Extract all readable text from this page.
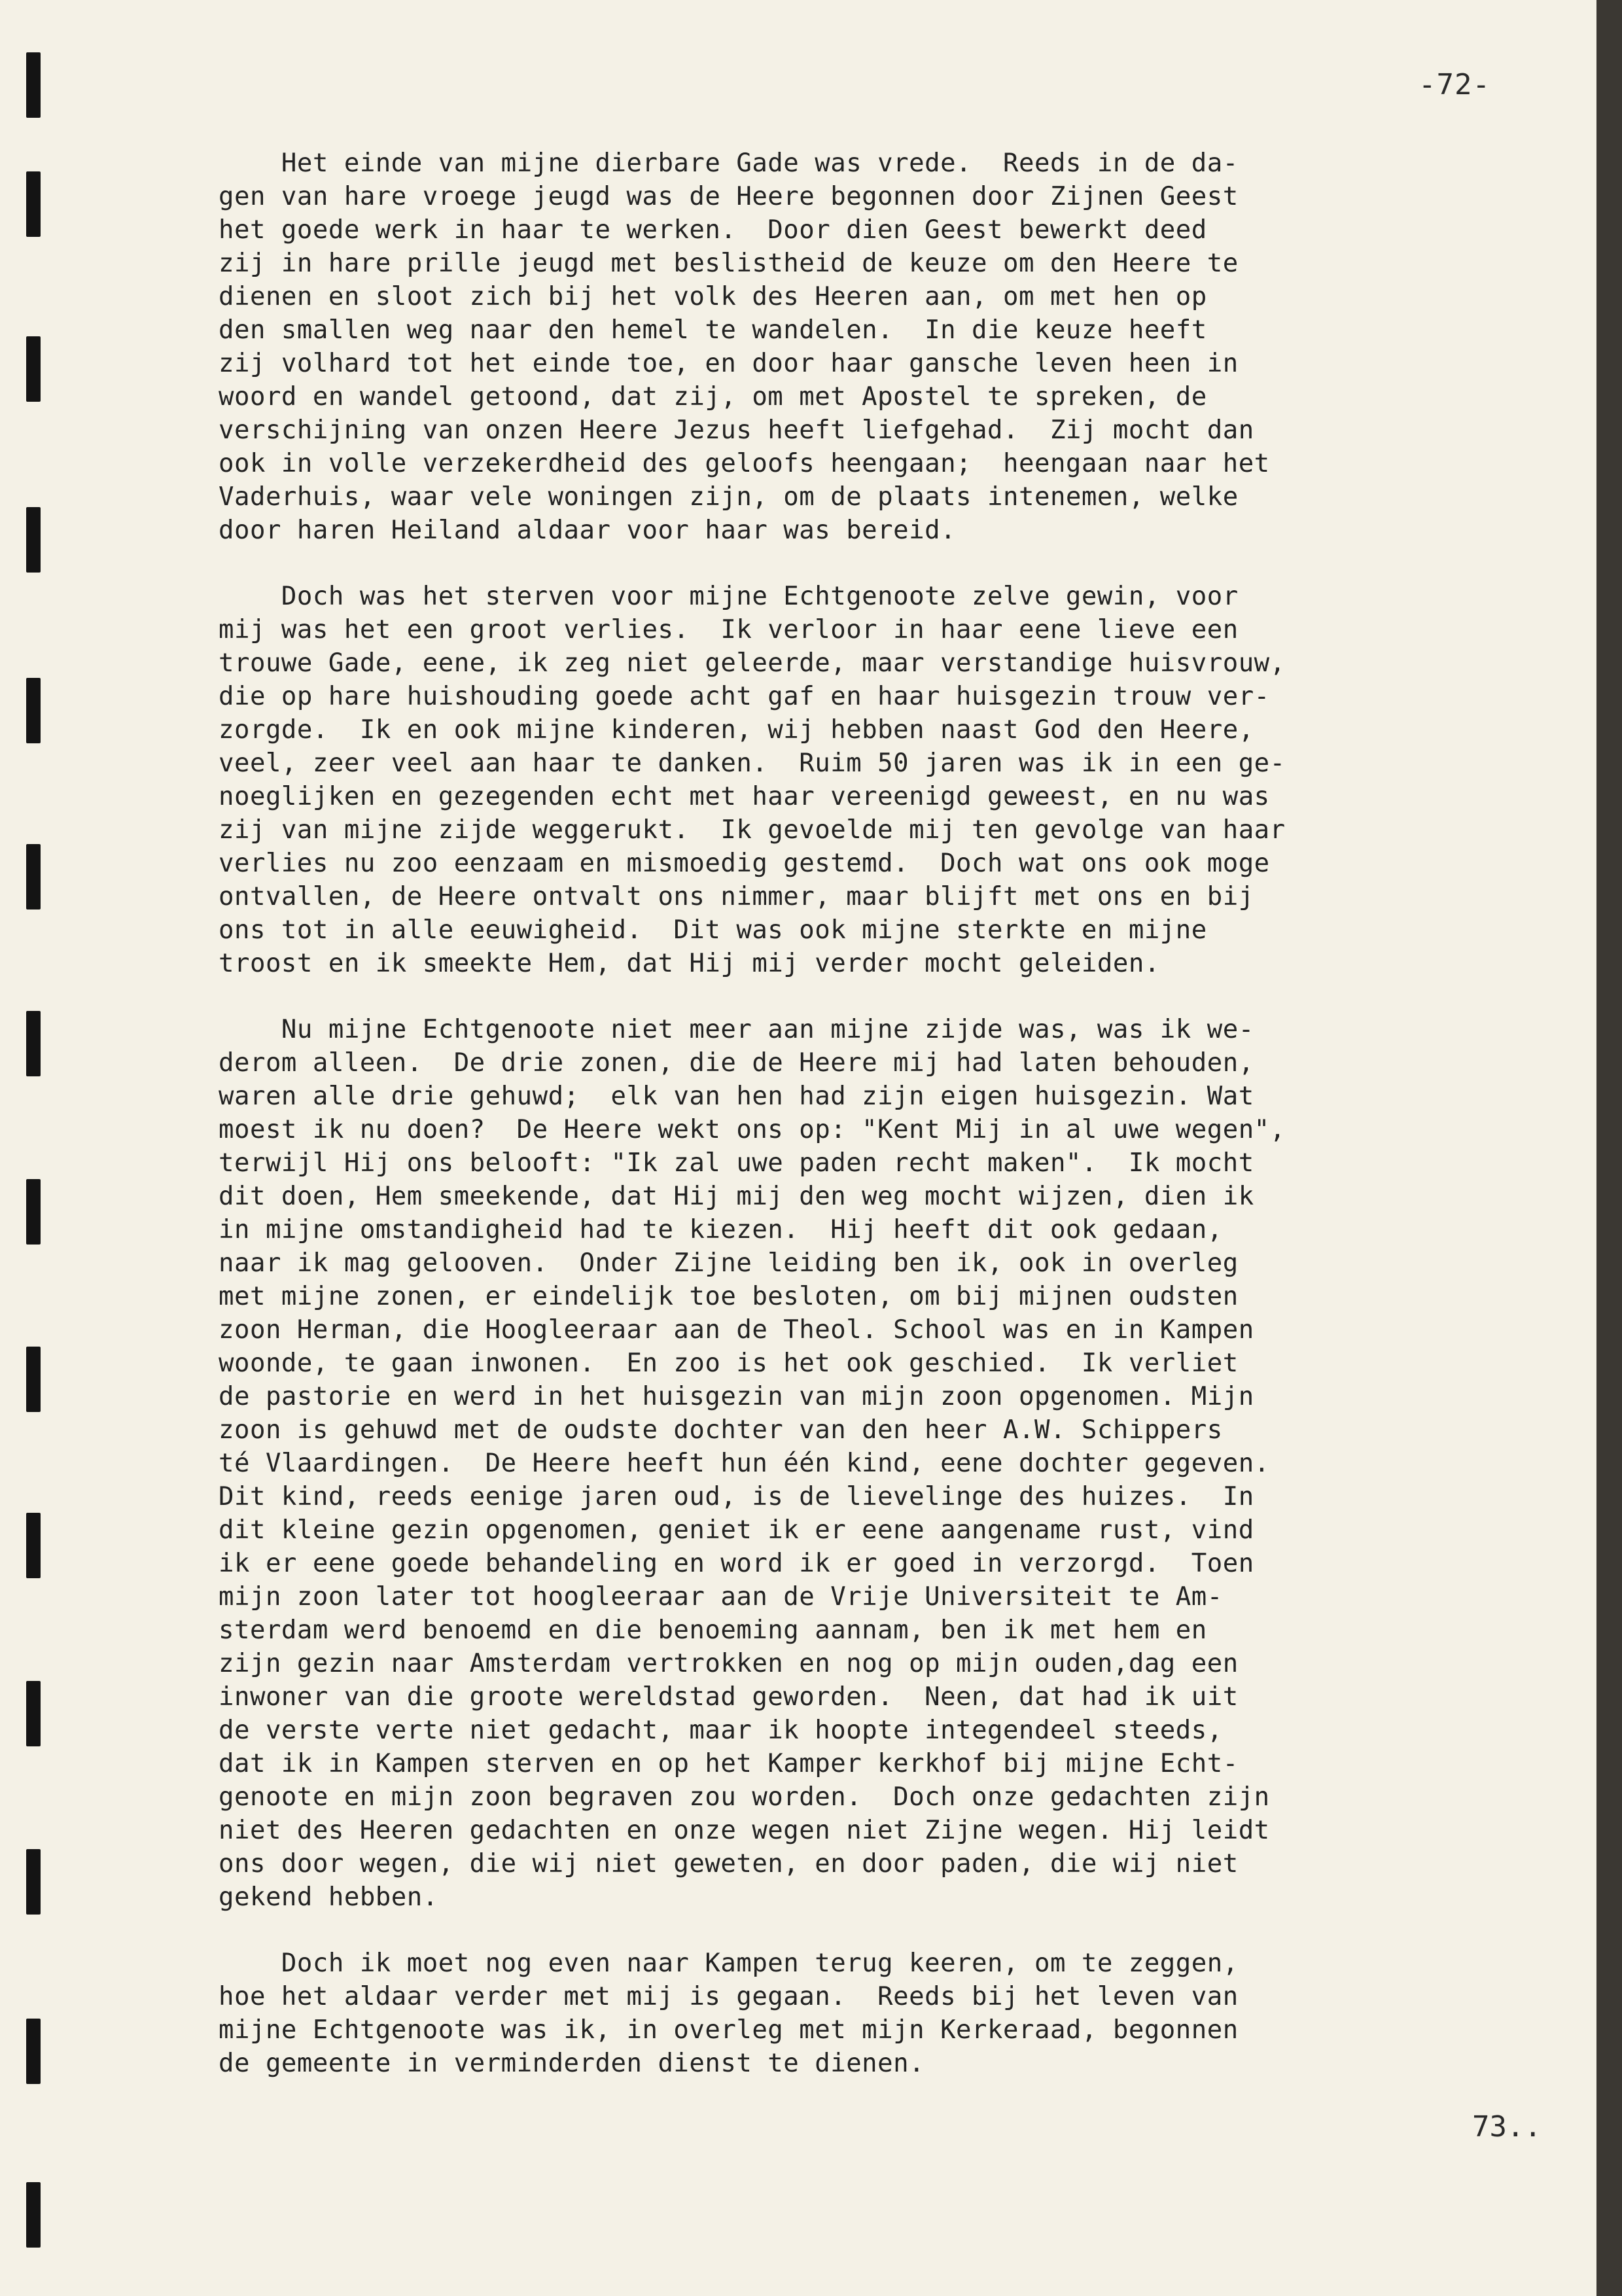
-72-
Het einde van mijne dierbare Gade was vrede.  Reeds in de da-
gen van hare vroege jeugd was de Heere begonnen door Zijnen Geest
het goede werk in haar te werken.  Door dien Geest bewerkt deed
zij in hare prille jeugd met beslistheid de keuze om den Heere te
dienen en sloot zich bij het volk des Heeren aan, om met hen op
den smallen weg naar den hemel te wandelen.  In die keuze heeft
zij volhard tot het einde toe, en door haar gansche leven heen in
woord en wandel getoond, dat zij, om met Apostel te spreken, de
verschijning van onzen Heere Jezus heeft liefgehad.  Zij mocht dan
ook in volle verzekerdheid des geloofs heengaan;  heengaan naar het
Vaderhuis, waar vele woningen zijn, om de plaats intenemen, welke
door haren Heiland aldaar voor haar was bereid.
Doch was het sterven voor mijne Echtgenoote zelve gewin, voor
mij was het een groot verlies.  Ik verloor in haar eene lieve een
trouwe Gade, eene, ik zeg niet geleerde, maar verstandige huisvrouw,
die op hare huishouding goede acht gaf en haar huisgezin trouw ver-
zorgde.  Ik en ook mijne kinderen, wij hebben naast God den Heere,
veel, zeer veel aan haar te danken.  Ruim 50 jaren was ik in een ge-
noeglijken en gezegenden echt met haar vereenigd geweest, en nu was
zij van mijne zijde weggerukt.  Ik gevoelde mij ten gevolge van haar
verlies nu zoo eenzaam en mismoedig gestemd.  Doch wat ons ook moge
ontvallen, de Heere ontvalt ons nimmer, maar blijft met ons en bij
ons tot in alle eeuwigheid.  Dit was ook mijne sterkte en mijne
troost en ik smeekte Hem, dat Hij mij verder mocht geleiden.
Nu mijne Echtgenoote niet meer aan mijne zijde was, was ik we-
derom alleen.  De drie zonen, die de Heere mij had laten behouden,
waren alle drie gehuwd;  elk van hen had zijn eigen huisgezin. Wat
moest ik nu doen?  De Heere wekt ons op: "Kent Mij in al uwe wegen",
terwijl Hij ons belooft: "Ik zal uwe paden recht maken".  Ik mocht
dit doen, Hem smeekende, dat Hij mij den weg mocht wijzen, dien ik
in mijne omstandigheid had te kiezen.  Hij heeft dit ook gedaan,
naar ik mag gelooven.  Onder Zijne leiding ben ik, ook in overleg
met mijne zonen, er eindelijk toe besloten, om bij mijnen oudsten
zoon Herman, die Hoogleeraar aan de Theol. School was en in Kampen
woonde, te gaan inwonen.  En zoo is het ook geschied.  Ik verliet
de pastorie en werd in het huisgezin van mijn zoon opgenomen. Mijn
zoon is gehuwd met de oudste dochter van den heer A.W. Schippers
té Vlaardingen.  De Heere heeft hun één kind, eene dochter gegeven.
Dit kind, reeds eenige jaren oud, is de lievelinge des huizes.  In
dit kleine gezin opgenomen, geniet ik er eene aangename rust, vind
ik er eene goede behandeling en word ik er goed in verzorgd.  Toen
mijn zoon later tot hoogleeraar aan de Vrije Universiteit te Am-
sterdam werd benoemd en die benoeming aannam, ben ik met hem en
zijn gezin naar Amsterdam vertrokken en nog op mijn ouden,dag een
inwoner van die groote wereldstad geworden.  Neen, dat had ik uit
de verste verte niet gedacht, maar ik hoopte integendeel steeds,
dat ik in Kampen sterven en op het Kamper kerkhof bij mijne Echt-
genoote en mijn zoon begraven zou worden.  Doch onze gedachten zijn
niet des Heeren gedachten en onze wegen niet Zijne wegen. Hij leidt
ons door wegen, die wij niet geweten, en door paden, die wij niet
gekend hebben.
Doch ik moet nog even naar Kampen terug keeren, om te zeggen,
hoe het aldaar verder met mij is gegaan.  Reeds bij het leven van
mijne Echtgenoote was ik, in overleg met mijn Kerkeraad, begonnen
de gemeente in verminderden dienst te dienen.
73..
